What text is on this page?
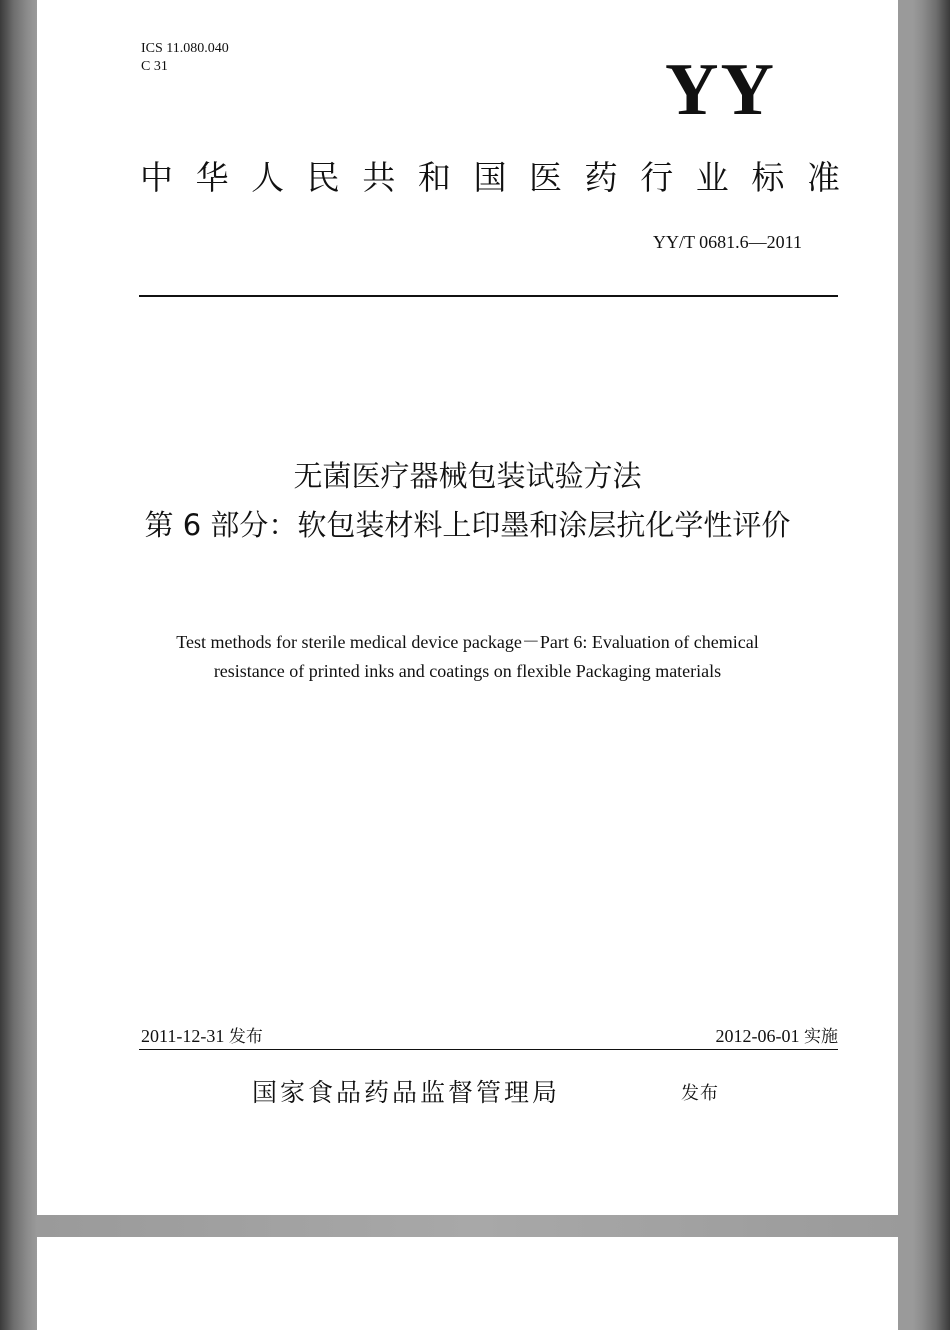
ICS 11.080.040
C 31	YY
中 华 人 民 共 和 国 医 药 行 业 标 准
YY/T 0681.6—2011
无菌医疗器械包装试验方法
第 6 部分：软包装材料上印墨和涂层抗化学性评价
Test methods for sterile medical device package－Part 6: Evaluation of chemical
resistance of printed inks and coatings on flexible Packaging materials
2011-12-31 发布	2012-06-01 实施
国家食品药品监督管理局	发布
